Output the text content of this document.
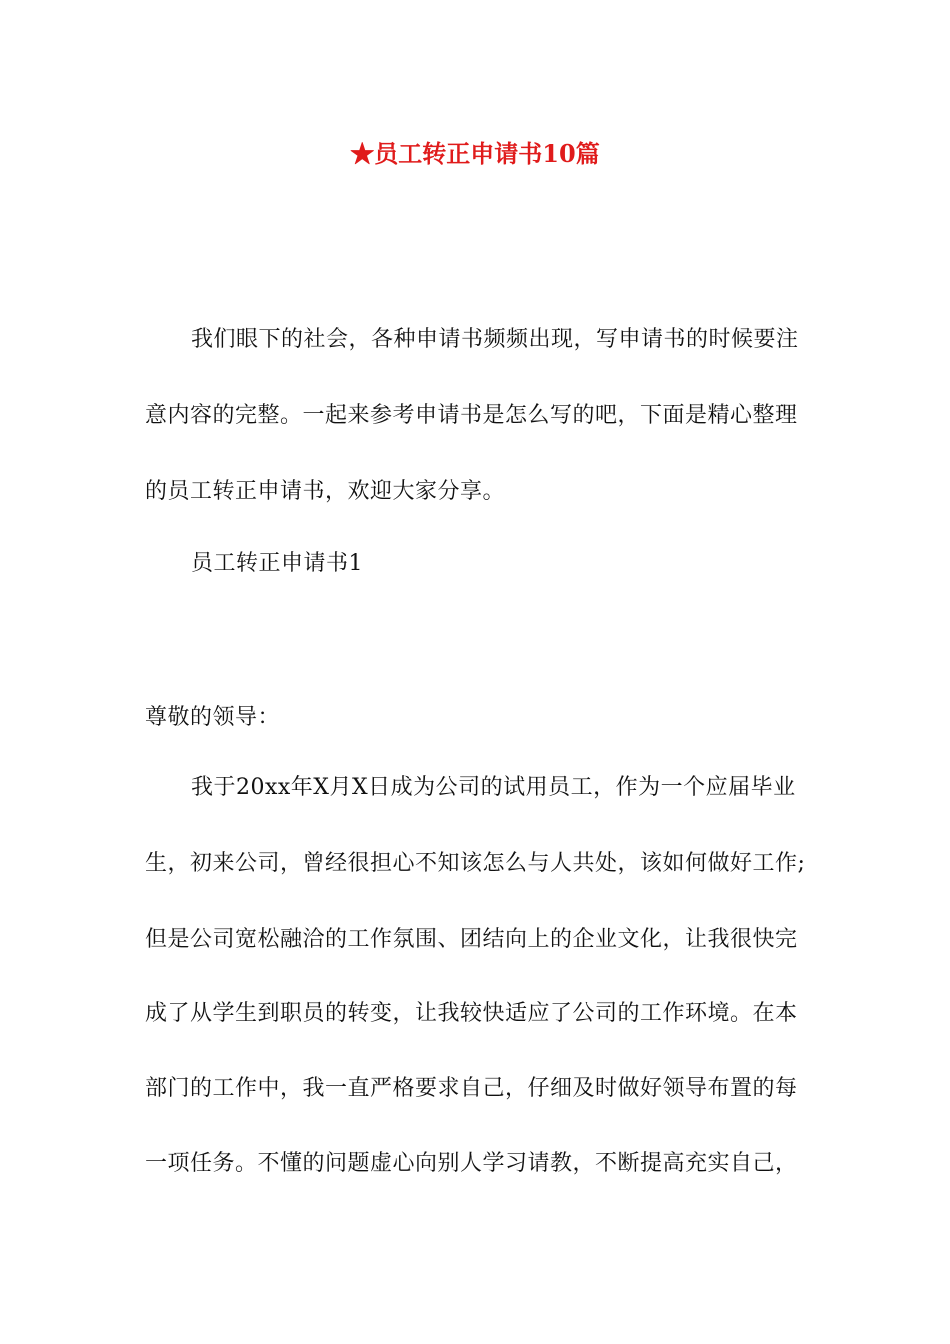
★员工转正申请书10篇
我们眼下的社会，各种申请书频频出现，写申请书的时候要注
意内容的完整。一起来参考申请书是怎么写的吧，下面是精心整理
的员工转正申请书，欢迎大家分享。
员工转正申请书1
尊敬的领导：
我于20xx年X月X日成为公司的试用员工，作为一个应届毕业
生，初来公司，曾经很担心不知该怎么与人共处，该如何做好工作;
但是公司宽松融洽的工作氛围、团结向上的企业文化，让我很快完
成了从学生到职员的转变，让我较快适应了公司的工作环境。在本
部门的工作中，我一直严格要求自己，仔细及时做好领导布置的每
一项任务。不懂的问题虚心向别人学习请教，不断提高充实自己，
